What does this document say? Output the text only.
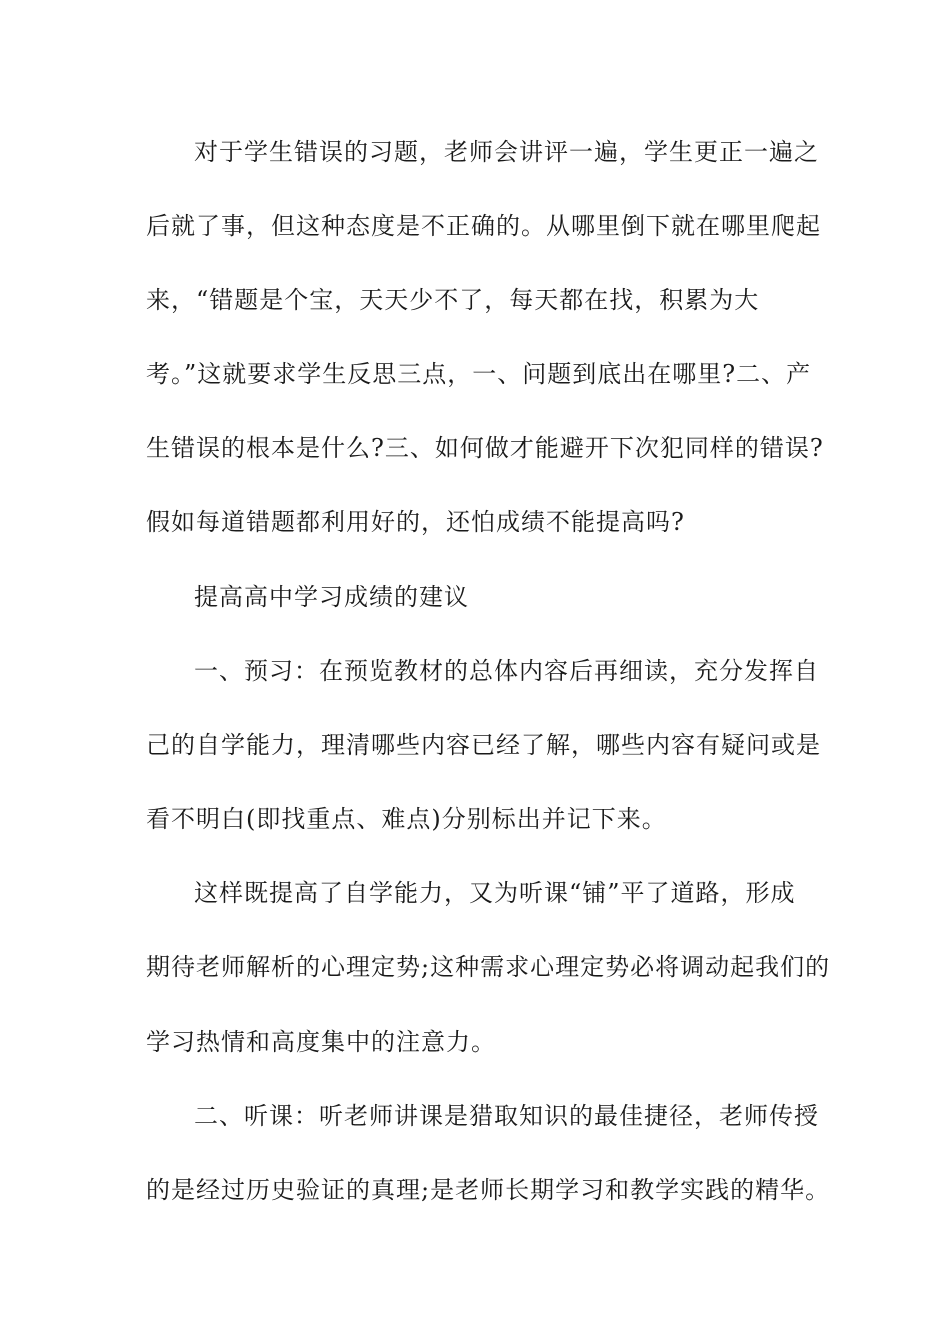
对于学生错误的习题，老师会讲评一遍，学生更正一遍之
后就了事，但这种态度是不正确的。从哪里倒下就在哪里爬起
来，“错题是个宝，天天少不了，每天都在找，积累为大
考。”这就要求学生反思三点，一、问题到底出在哪里?二、产
生错误的根本是什么?三、如何做才能避开下次犯同样的错误?
假如每道错题都利用好的，还怕成绩不能提高吗?
提高高中学习成绩的建议
一、预习：在预览教材的总体内容后再细读，充分发挥自
己的自学能力，理清哪些内容已经了解，哪些内容有疑问或是
看不明白(即找重点、难点)分别标出并记下来。
这样既提高了自学能力，又为听课“铺”平了道路，形成
期待老师解析的心理定势;这种需求心理定势必将调动起我们的
学习热情和高度集中的注意力。
二、听课：听老师讲课是猎取知识的最佳捷径，老师传授
的是经过历史验证的真理;是老师长期学习和教学实践的精华。
